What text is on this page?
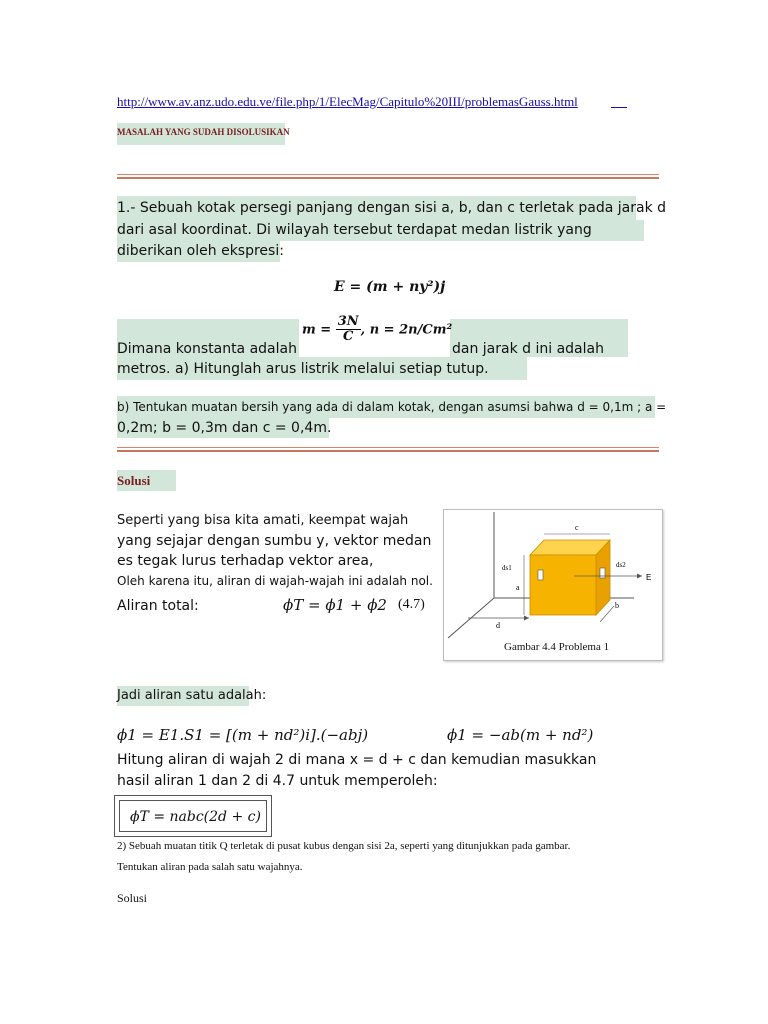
http://www.av.anz.udo.edu.ve/file.php/1/ElecMag/Capitulo%20III/problemasGauss.html
MASALAH YANG SUDAH DISOLUSIKAN
1.- Sebuah kotak persegi panjang dengan sisi a, b, dan c terletak pada jarak d
dari asal koordinat. Di wilayah tersebut terdapat medan listrik yang
diberikan oleh ekspresi:
E = (m + ny²)j
Dimana konstanta adalah
$m = \frac{3N}{C}$ , n = 2n/Cm²
dan jarak d ini adalah
metros. a) Hitunglah arus listrik melalui setiap tutup.
b) Tentukan muatan bersih yang ada di dalam kotak, dengan asumsi bahwa d = 0,1m ; a =
0,2m; b = 0,3m dan c = 0,4m.
Solusi
Seperti yang bisa kita amati, keempat wajah
yang sejajar dengan sumbu y, vektor medan
es tegak lurus terhadap vektor area,
Oleh karena itu, aliran di wajah-wajah ini adalah nol.
Aliran total:	ϕT = ϕ1 + ϕ2 (4.7)
c
ds1	ds2
E
a
b
d
Gambar 4.4 Problema 1
Jadi aliran satu adalah:
ϕ1 = E1.S1 = [(m + nd²)i].(−abj)	ϕ1 = −ab(m + nd²)
Hitung aliran di wajah 2 di mana x = d + c dan kemudian masukkan
hasil aliran 1 dan 2 di 4.7 untuk memperoleh:
ϕT = nabc(2d + c)
2) Sebuah muatan titik Q terletak di pusat kubus dengan sisi 2a, seperti yang ditunjukkan pada gambar.
Tentukan aliran pada salah satu wajahnya.
Solusi
